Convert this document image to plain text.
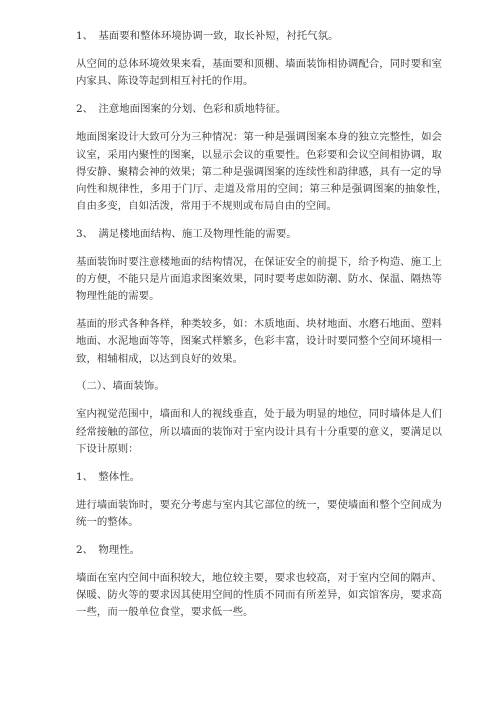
1、　基面要和整体环境协调一致，取长补短，衬托气氛。

从空间的总体环境效果来看，基面要和顶棚、墙面装饰相协调配合，同时要和室内家具、陈设等起到相互衬托的作用。

2、　注意地面图案的分划、色彩和质地特征。

地面图案设计大致可分为三种情况：第一种是强调图案本身的独立完整性，如会议室，采用内聚性的图案，以显示会议的重要性。色彩要和会议空间相协调，取得安静、聚精会神的效果；第二种是强调图案的连续性和韵律感，具有一定的导向性和规律性，多用于门厅、走道及常用的空间；第三种是强调图案的抽象性，　自由多变，自如活泼，常用于不规则或布局自由的空间。

3、　满足楼地面结构、施工及物理性能的需要。

基面装饰时要注意楼地面的结构情况，在保证安全的前提下，给予构造、施工上的方便，不能只是片面追求图案效果，同时要考虑如防潮、防水、保温、隔热等物理性能的需要。

基面的形式各种各样，种类较多，如：木质地面、块材地面、水磨石地面、塑料地面、水泥地面等等，图案式样繁多，色彩丰富，设计时要同整个空间环境相一致，相辅相成，以达到良好的效果。

（二）、墙面装饰。

室内视觉范围中，墙面和人的视线垂直，处于最为明显的地位，同时墙体是人们经常接触的部位，所以墙面的装饰对于室内设计具有十分重要的意义，要满足以下设计原则：

1、　整体性。

进行墙面装饰时，要充分考虑与室内其它部位的统一，要使墙面和整个空间成为统一的整体。

2、　物理性。

墙面在室内空间中面积较大，地位较主要，要求也较高，对于室内空间的隔声、保暖、防火等的要求因其使用空间的性质不同而有所差异，如宾馆客房，要求高一些，而一般单位食堂，要求低一些。
